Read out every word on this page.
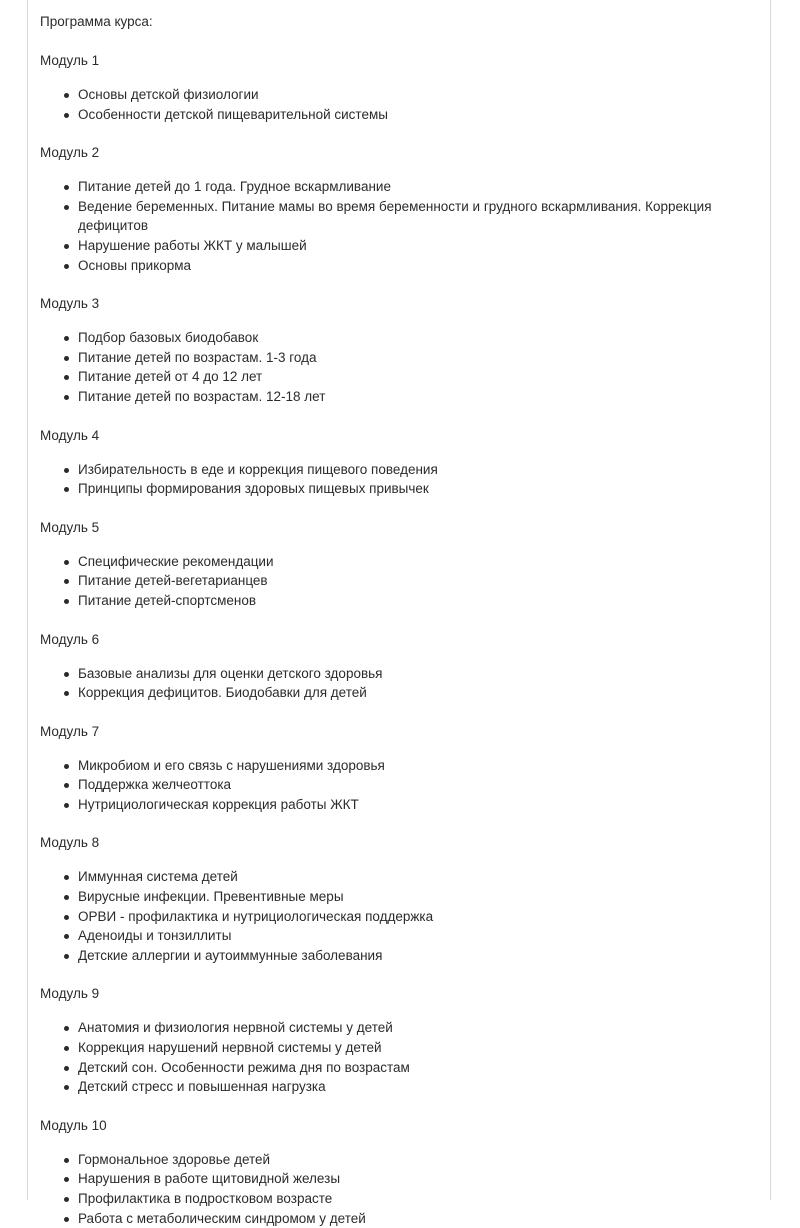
Программа курса:

Модуль 1

Основы детской физиологии
Особенности детской пищеварительной системы

Модуль 2

Питание детей до 1 года. Грудное вскармливание
Ведение беременных. Питание мамы во время беременности и грудного вскармливания. Коррекция дефицитов
Нарушение работы ЖКТ у малышей
Основы прикорма

Модуль 3

Подбор базовых биодобавок
Питание детей по возрастам. 1-3 года
Питание детей от 4 до 12 лет
Питание детей по возрастам. 12-18 лет

Модуль 4

Избирательность в еде и коррекция пищевого поведения
Принципы формирования здоровых пищевых привычек

Модуль 5

Специфические рекомендации
Питание детей-вегетарианцев
Питание детей-спортсменов

Модуль 6

Базовые анализы для оценки детского здоровья
Коррекция дефицитов. Биодобавки для детей

Модуль 7

Микробиом и его связь с нарушениями здоровья
Поддержка желчеоттока
Нутрициологическая коррекция работы ЖКТ

Модуль 8

Иммунная система детей
Вирусные инфекции. Превентивные меры
ОРВИ - профилактика и нутрициологическая поддержка
Аденоиды и тонзиллиты
Детские аллергии и аутоиммунные заболевания

Модуль 9

Анатомия и физиология нервной системы у детей
Коррекция нарушений нервной системы у детей
Детский сон. Особенности режима дня по возрастам
Детский стресс и повышенная нагрузка

Модуль 10

Гормональное здоровье детей
Нарушения в работе щитовидной железы
Профилактика в подростковом возрасте
Работа с метаболическим синдромом у детей
